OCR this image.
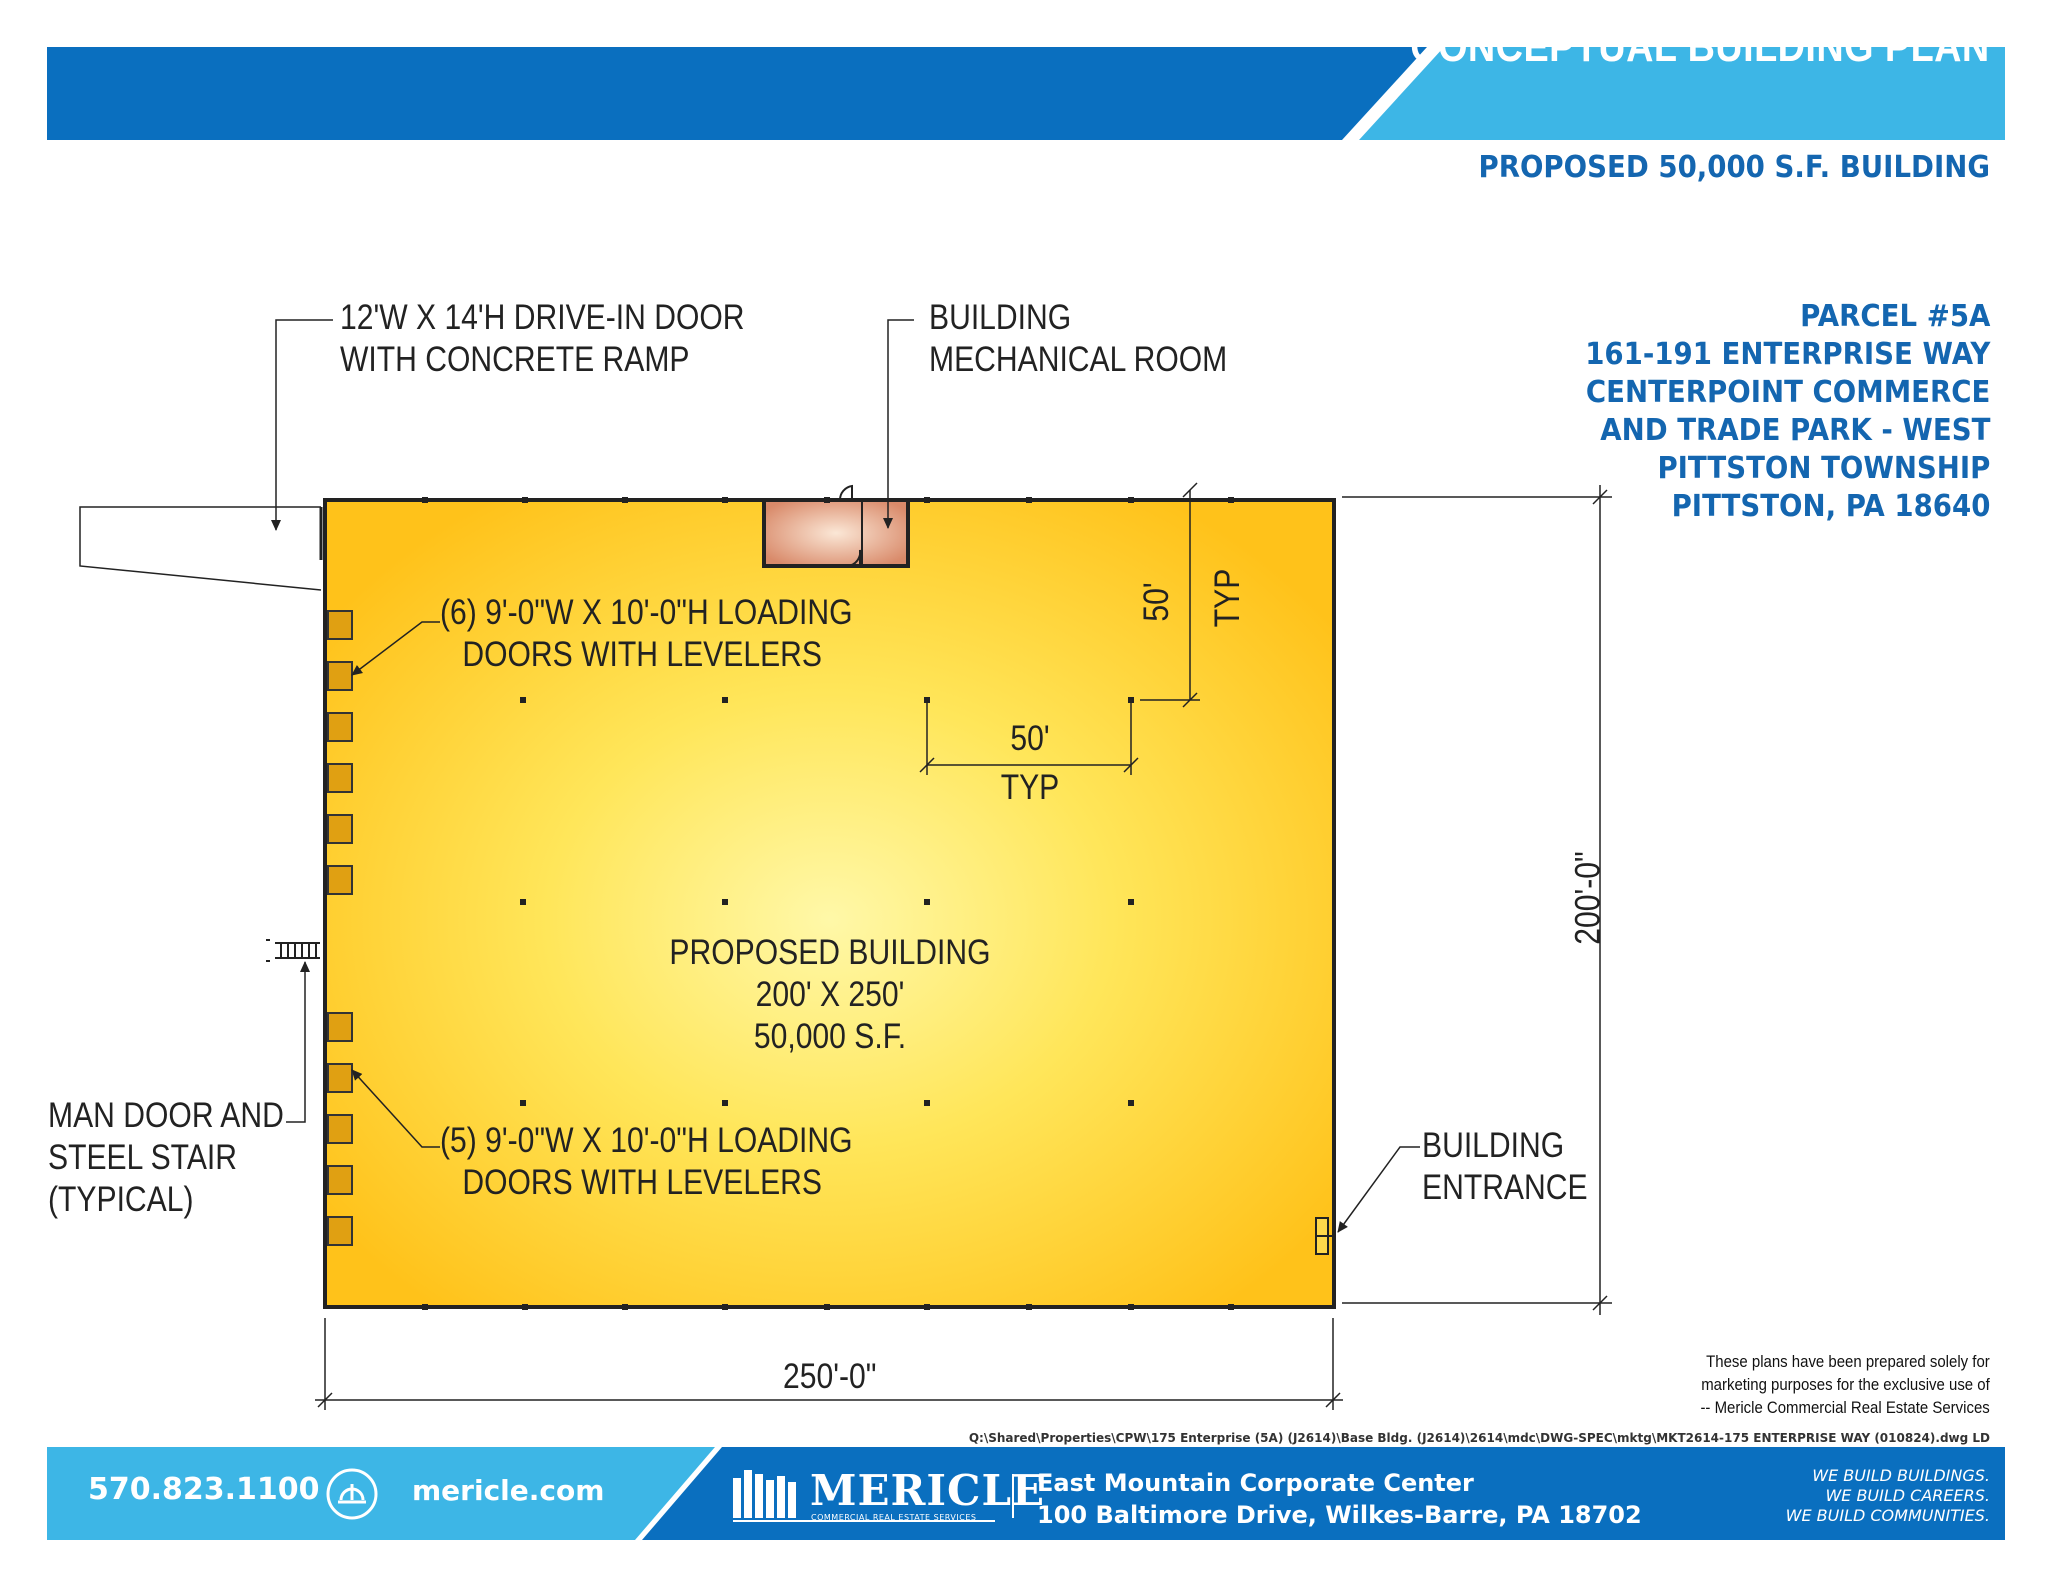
CONCEPTUAL BUILDING PLAN
PROPOSED 50,000 S.F. BUILDING
PARCEL #5A
161-191 ENTERPRISE WAY
CENTERPOINT COMMERCE
AND TRADE PARK - WEST
PITTSTON TOWNSHIP
PITTSTON, PA 18640
12'W X 14'H DRIVE-IN DOOR
WITH CONCRETE RAMP
BUILDING
MECHANICAL ROOM
(6) 9'-0"W X 10'-0"H LOADING
DOORS WITH LEVELERS
(5) 9'-0"W X 10'-0"H LOADING
DOORS WITH LEVELERS
MAN DOOR AND
STEEL STAIR
(TYPICAL)
BUILDING
ENTRANCE
PROPOSED BUILDING
200' X 250'
50,000 S.F.
50'
TYP
50' TYP
200'-0"
250'-0"	These plans have been prepared solely for
marketing purposes for the exclusive use of
-- Mericle Commercial Real Estate Services
Q:\Shared\Properties\CPW\175 Enterprise (5A) (J2614)\Base Bldg. (J2614)\2614\mdc\DWG-SPEC\mktg\MKT2614-175 ENTERPRISE WAY (010824).dwg LD
570.823.1100	mericle.com	MERICLE
COMMERCIAL REAL ESTATE SERVICES
East Mountain Corporate Center
100 Baltimore Drive, Wilkes-Barre, PA 18702
WE BUILD BUILDINGS.
WE BUILD CAREERS.
WE BUILD COMMUNITIES.
